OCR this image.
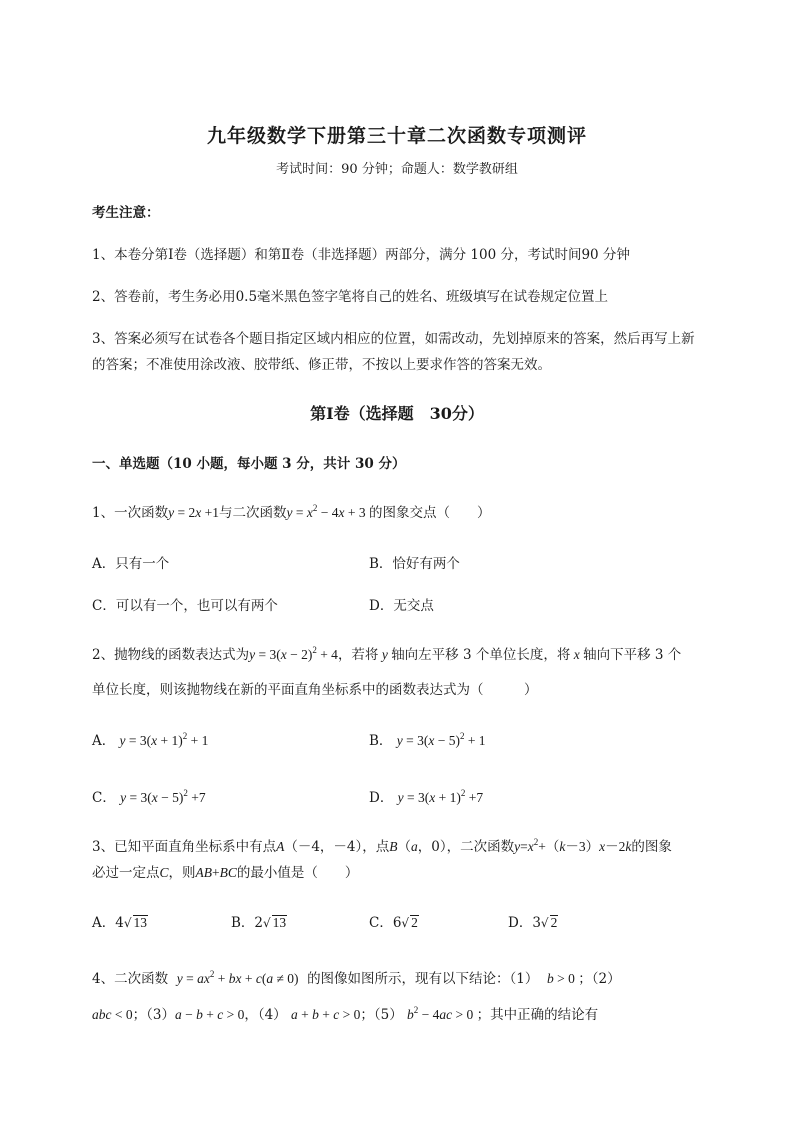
九年级数学下册第三十章二次函数专项测评
考试时间：90 分钟；命题人：数学教研组
考生注意：
1、本卷分第Ⅰ卷（选择题）和第Ⅱ卷（非选择题）两部分，满分 100 分，考试时间90 分钟
2、答卷前，考生务必用0.5毫米黑色签字笔将自己的姓名、班级填写在试卷规定位置上
3、答案必须写在试卷各个题目指定区域内相应的位置，如需改动，先划掉原来的答案，然后再写上新
的答案；不准使用涂改液、胶带纸、修正带，不按以上要求作答的答案无效。
第Ⅰ卷（选择题　30分）
一、单选题（10 小题，每小题 3 分，共计 30 分）
1、一次函数y = 2x +1与二次函数$y = x^2 - 4x + 3$ 的图象交点（　　）
A．只有一个	B．恰好有两个
C．可以有一个，也可以有两个	D．无交点
2、抛物线的函数表达式为$y = 3(x - 2)^2 + 4$，若将 y 轴向左平移 3 个单位长度，将 x 轴向下平移 3 个
单位长度，则该抛物线在新的平面直角坐标系中的函数表达式为（　　　）
A． $y = 3(x + 1)^2 + 1$	B． $y = 3(x - 5)^2 + 1$
C． $y = 3(x - 5)^2 +7$	D． $y = 3(x + 1)^2 +7$
3、已知平面直角坐标系中有点A（－4，－4），点B（a，0），二次函数$y=x^2+(k-3)x-2k$的图象
必过一定点C，则AB+BC的最小值是（　　）
A．4√ 13	B．2√ 13	C．6√ 2	D．3√ 2
4、二次函数 $y = ax^2$ + bx + c(a ≠ 0) 的图像如图所示，现有以下结论：（1） b > 0 ；（2）
abc < 0；（3）a − b + c > 0，（4） a + b + c > 0；（5） $b^2 - 4ac > 0$ ；其中正确的结论有
